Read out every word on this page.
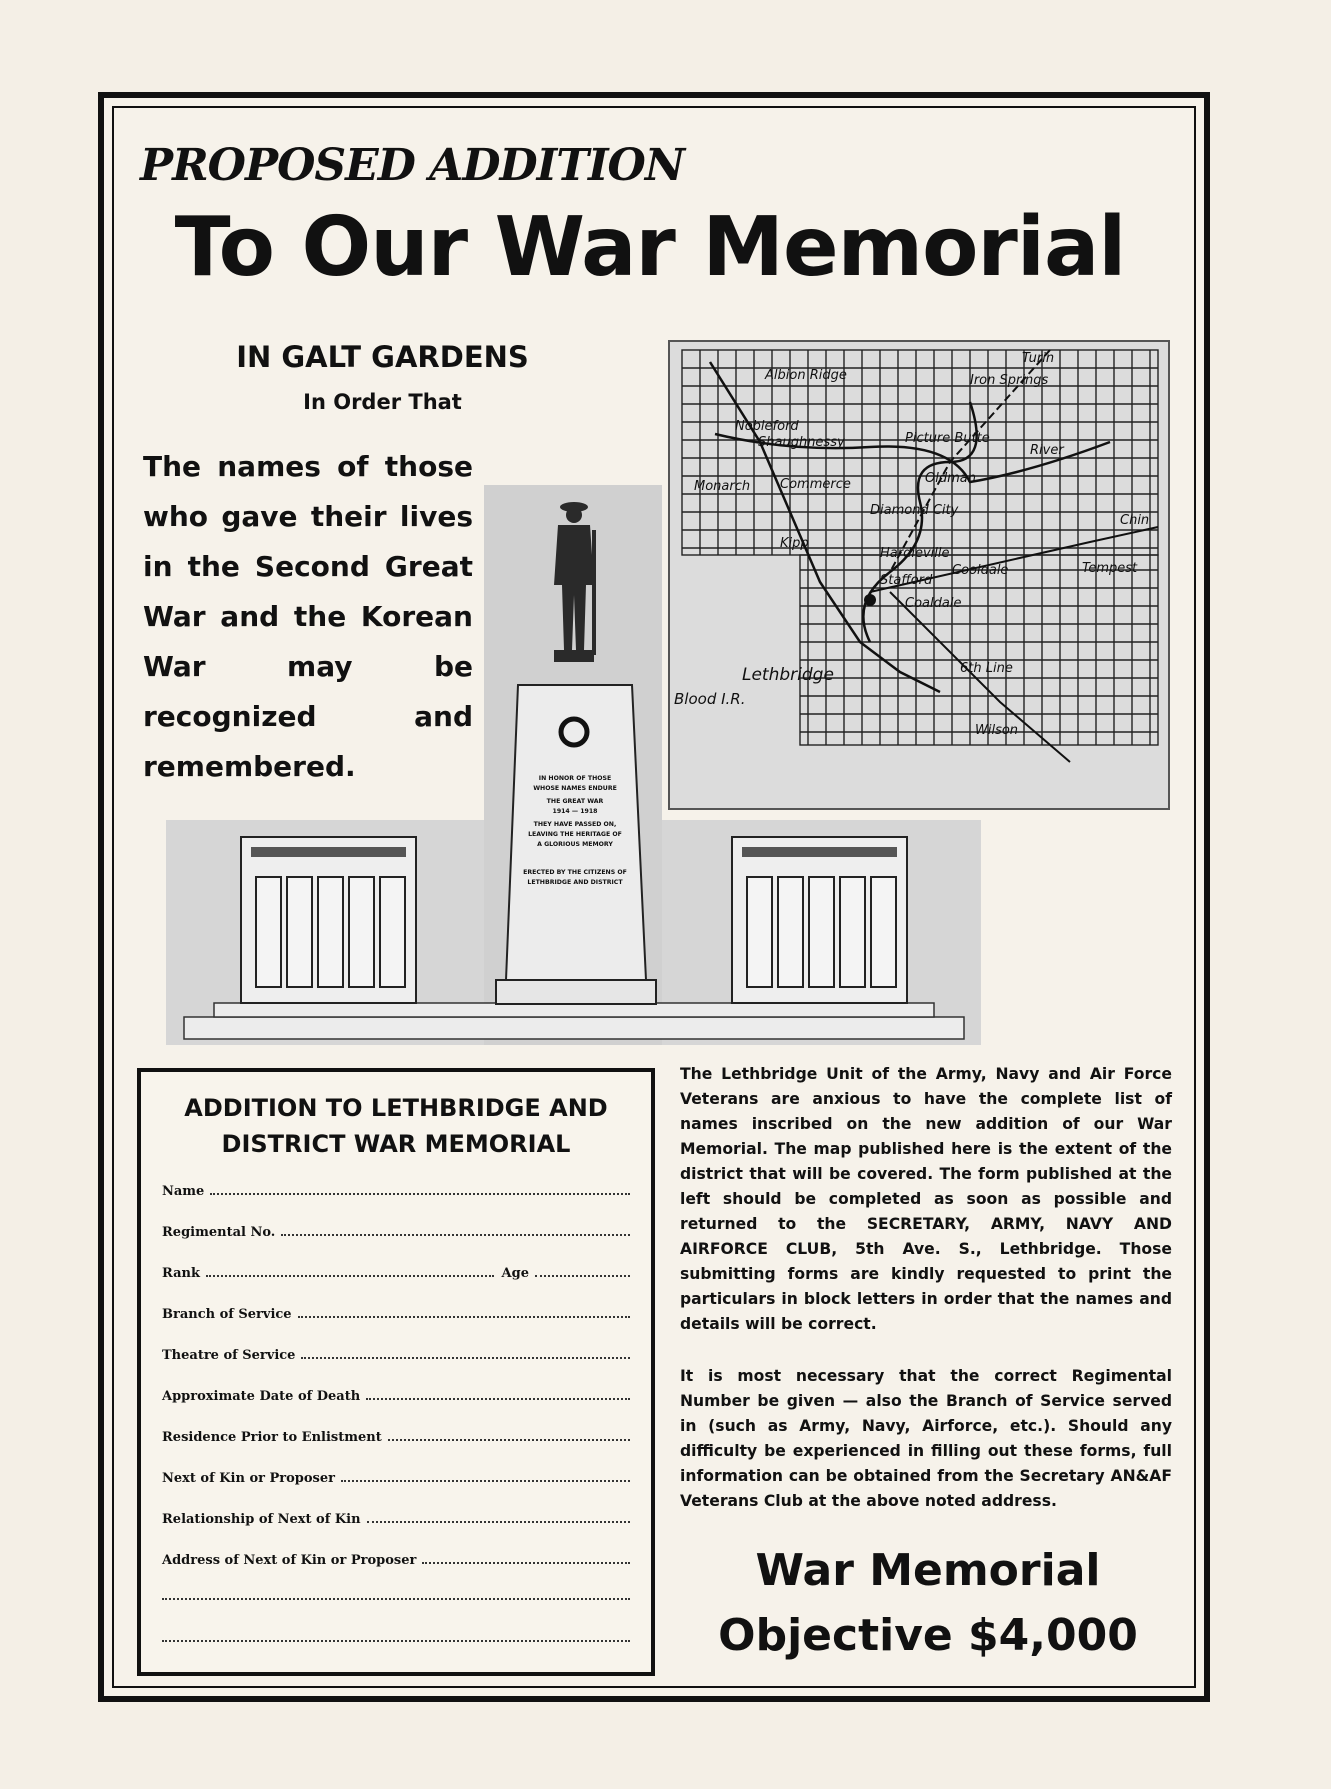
PROPOSED ADDITION
To Our War Memorial
IN GALT GARDENS
In Order That
IN HONOR OF THOSE
WHOSE NAMES ENDURE
THE GREAT WAR
1914 — 1918
THEY HAVE PASSED ON,
LEAVING THE HERITAGE OF
A GLORIOUS MEMORY
ERECTED BY THE CITIZENS OF
LETHBRIDGE AND DISTRICT
The names of those who gave their lives in the Second Great War and the Korean War may be recognized and remembered.
Albion Ridge
Turin
Iron Springs
Nobleford
Shaughnessy	Picture Butte
River
Monarch Commerce	Oldman
Diamond City
Chin
Kipp
Hardieville
Cooldale	Tempest
Stafford
Coaldale
Lethbridge
Blood I.R.
6th Line
Wilson
ADDITION TO LETHBRIDGE AND
DISTRICT WAR MEMORIAL
Name
Regimental No.
Rank	Age
Branch of Service
Theatre of Service
Approximate Date of Death
Residence Prior to Enlistment
Next of Kin or Proposer
Relationship of Next of Kin
Address of Next of Kin or Proposer
The Lethbridge Unit of the Army, Navy and Air Force Veterans are anxious to have the complete list of names inscribed on the new addition of our War Memorial. The map published here is the extent of the district that will be covered. The form published at the left should be completed as soon as possible and returned to the SECRETARY, ARMY, NAVY AND AIRFORCE CLUB, 5th Ave. S., Lethbridge. Those submitting forms are kindly requested to print the particulars in block letters in order that the names and details will be correct.
It is most necessary that the correct Regimental Number be given — also the Branch of Service served in (such as Army, Navy, Airforce, etc.). Should any difficulty be experienced in filling out these forms, full information can be obtained from the Secretary AN&AF Veterans Club at the above noted address.
War Memorial
Objective $4,000
